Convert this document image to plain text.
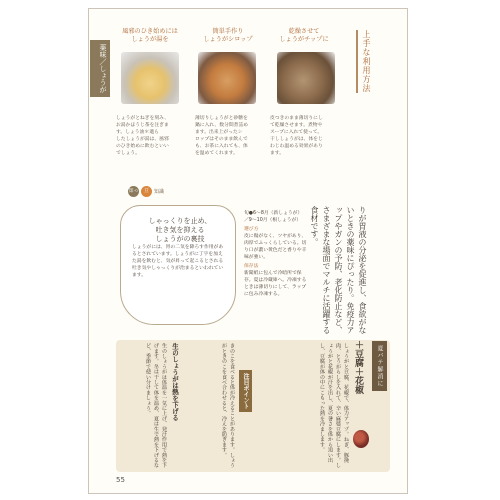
薬味／しょうが
風邪のひき始めには
しょうが湯を
簡単手作り
しょうがシロップ
乾燥させて
しょうがチップに
しょうがとねぎを刻み、
お湯かほうじ茶を注ぎま
す。しょう油＊適ら
したしょうが湯は、風邪
のひき始めに飲むといい
でしょう。
薄切りしょうがと砂糖を
鍋に入れ、数分間煮詰め
ます。出来上がったシ
ロップはそのまま飲んで
も、お茶に入れても、体
を温めてくれます。
皮つきのまま薄切りにし
て乾燥させます。煮物や
スープに入れて使って。
干ししょうがは、体をじ
わじわ温める効果があり
ます。
上手な利用方法
りが胃液の分泌を促進し、食欲がないときの薬味にぴったり。免疫力アップやガンの予防、老化防止など、さまざまな場面でマルチに活躍する食材です。
知っ得
豆	知識
しゃっくりを止め、
吐き気を抑える
しょうがの裏技
しょうがには、胃の二気を降ろす作用があるとされています。しょうがに丁字を加えた湯を飲むと、気が昇って起こるとされる吐き気やしゃっくりが治まるといわれています。
旬●6〜8月（新しょうが）
／9〜10月（根しょうが）
選び方
皮に傷がなく、ツヤがあり、肉厚でふっくらしている。切り口が濃い黄色だと香りや辛味が強い。
保存法
新聞紙に包んで冷暗所で保存。夏は冷蔵庫へ。冷凍するときは薄切りにして、ラップに包み冷凍する。
夏バテ解消に
＋豆腐＋花椒
しょうがと豆腐、花椒で、体力アップ。ねぎ、豚挽肉、とうがらしを入れて、辛い麻婆豆腐にします。しょうがと花椒が汗を出し、夏の暑さを体から追い出し、豆腐が体の中にこもった熱を冷まします。
注目ポイント
きのこを食べると体が冷えることがあります。しょうがときのこを食べ合わせると、冷えを防ぎます。
生のしょうがは熱を下げる
生のしょうがは体温を一気に上げ、発汗作用で熱を下げます。冬は干して体を温め、夏は生で熱を下げるなど、季節で使い分けましょう。
55
